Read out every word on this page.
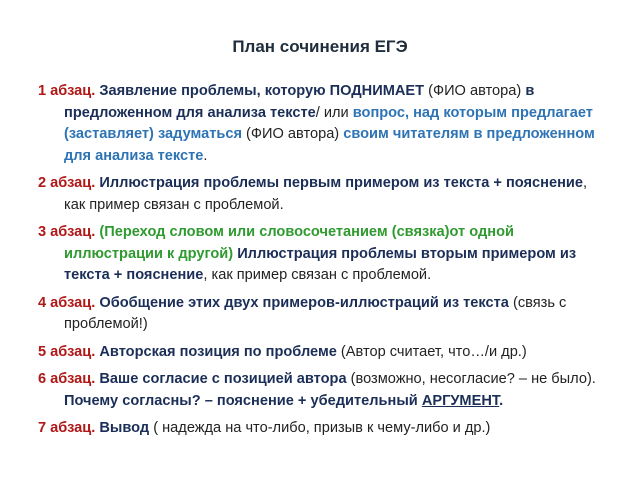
План сочинения ЕГЭ
1 абзац. Заявление проблемы, которую ПОДНИМАЕТ (ФИО автора) в предложенном для анализа тексте/ или вопрос, над которым предлагает (заставляет) задуматься (ФИО автора) своим читателям в предложенном для анализа тексте.
2 абзац. Иллюстрация проблемы первым примером из текста + пояснение, как пример связан с проблемой.
3 абзац. (Переход словом или словосочетанием (связка)от одной иллюстрации к другой) Иллюстрация проблемы вторым примером из текста + пояснение, как пример связан с проблемой.
4 абзац. Обобщение этих двух примеров-иллюстраций из текста (связь с проблемой!)
5 абзац. Авторская позиция по проблеме (Автор считает, что…/и др.)
6 абзац. Ваше согласие с позицией автора (возможно, несогласие? – не было). Почему согласны? – пояснение + убедительный АРГУМЕНТ.
7 абзац. Вывод ( надежда на что-либо, призыв к чему-либо и др.)
